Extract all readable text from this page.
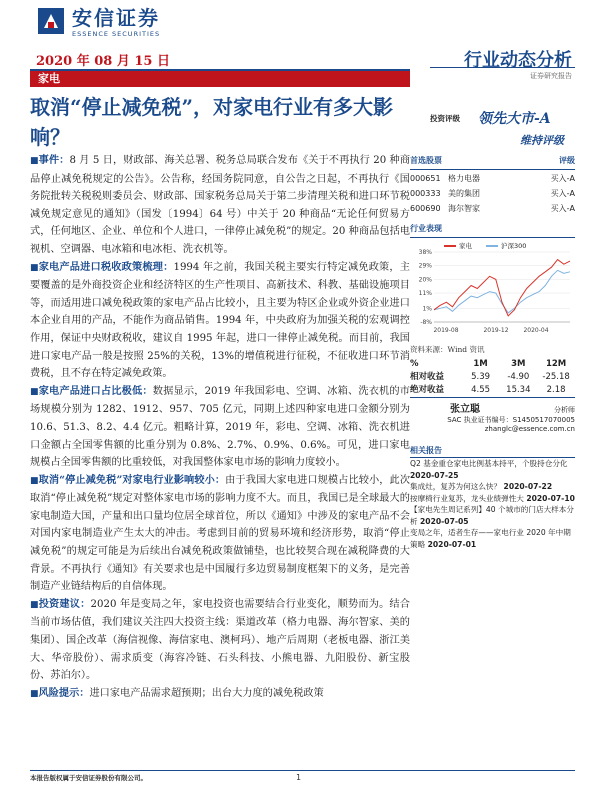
安信证券
ESSENCE SECURITIES
2020 年 08 月 15 日
家电
行业动态分析
证券研究报告
取消“停止减免税”，对家电行业有多大影响？
投资评级 领先大市-A
维持评级

■事件：8 月 5 日，财政部、海关总署、税务总局联合发布《关于不再执行 20 种商品停止减免税规定的公告》。公告称，经国务院同意，自公告之日起，不再执行《国务院批转关税税则委员会、财政部、国家税务总局关于第二步清理关税和进口环节税减免规定意见的通知》（国发〔1994〕64 号）中关于 20 种商品“无论任何贸易方式，任何地区、企业、单位和个人进口，一律停止减免税”的规定。20 种商品包括电视机、空调器、电冰箱和电冰柜、洗衣机等。

■家电产品进口税收政策梳理：1994 年之前，我国关税主要实行特定减免政策，主要覆盖的是外商投资企业和经济特区的生产性项目、高新技术、科教、基础设施项目等，而适用进口减免税政策的家电产品占比较小，且主要为特区企业或外资企业进口本企业自用的产品，不能作为商品销售。1994 年，中央政府为加强关税的宏观调控作用，保证中央财政税收，建议自 1995 年起，进口一律停止减免税。而目前，我国进口家电产品一般是按照 25%的关税，13%的增值税进行征税，不征收进口环节消费税，且不存在特定减免政策。

■家电产品进口占比极低：数据显示，2019 年我国彩电、空调、冰箱、洗衣机的市场规模分别为 1282、1912、957、705 亿元，同期上述四种家电进口金额分别为 10.6、51.3、8.2、4.4 亿元。粗略计算，2019 年，彩电、空调、冰箱、洗衣机进口金额占全国零售额的比重分别为 0.8%、2.7%、0.9%、0.6%。可见，进口家电规模占全国零售额的比重较低，对我国整体家电市场的影响力度较小。

■取消“停止减免税”对家电行业影响较小：由于我国大家电进口规模占比较小，此次取消“停止减免税”规定对整体家电市场的影响力度不大。而且，我国已是全球最大的家电制造大国，产量和出口量均位居全球首位，所以《通知》中涉及的家电产品不会对国内家电制造业产生太大的冲击。考虑到目前的贸易环境和经济形势，取消“停止减免税”的规定可能是为后续出台减免税政策做铺垫，也比较契合现在减税降费的大背景。不再执行《通知》有关要求也是中国履行多边贸易制度框架下的义务，是完善制造产业链结构后的自信体现。

■投资建议：2020 年是变局之年，家电投资也需要结合行业变化，顺势而为。结合当前市场估值，我们建议关注四大投资主线：渠道改革（格力电器、海尔智家、美的集团）、国企改革（海信视像、海信家电、澳柯玛）、地产后周期（老板电器、浙江美大、华帝股份）、需求质变（海容冷链、石头科技、小熊电器、九阳股份、新宝股份、苏泊尔）。

■风险提示：进口家电产品需求超预期；出台大力度的减免税政策

首选股票	评级
000651 格力电器	买入-A
000333 美的集团	买入-A
600690 海尔智家	买入-A
行业表现
家电	沪深300
38%
29%
20%
11%
1%
-8%
2019-08	2019-12 2020-04
资料来源：Wind 资讯
%	1M	3M	12M
相对收益	5.39	-4.90	-25.18
绝对收益	4.55	15.34	2.18
张立聪	分析师
SAC 执业证书编号：S1450517070005
zhanglc@essence.com.cn
相关报告
Q2 基金重仓家电比例基本持平，个股持仓分化 2020-07-25
集成灶，复苏为何这么快？ 2020-07-22
按摩椅行业复苏，龙头业绩弹性大 2020-07-10
【家电先生周记系列】40 个城市的门店大样本分析 2020-07-05
变局之年，适者生存——家电行业 2020 年中期策略 2020-07-01
本报告版权属于安信证券股份有限公司。	1
